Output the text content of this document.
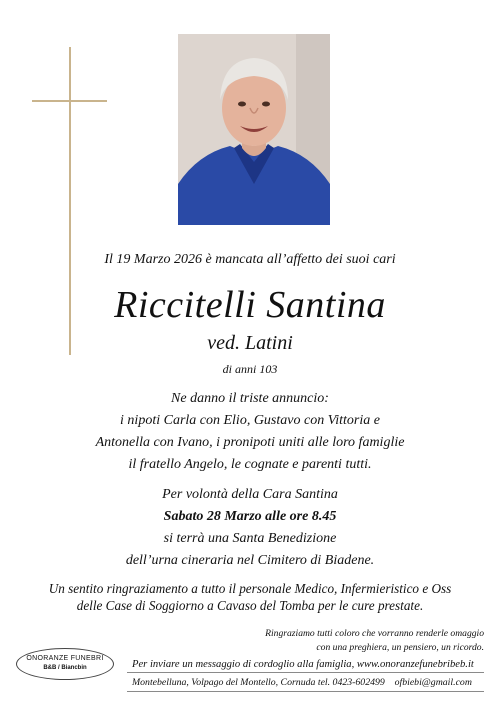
Il 19 Marzo 2026 è mancata all’affetto dei suoi cari
Riccitelli Santina
ved. Latini
di anni 103
Ne danno il triste annuncio:
i nipoti Carla con Elio, Gustavo con Vittoria e
Antonella con Ivano, i pronipoti uniti alle loro famiglie
il fratello Angelo, le cognate e parenti tutti.
Per volontà della Cara Santina
Sabato 28 Marzo alle ore 8.45
si terrà una Santa Benedizione
dell’urna cineraria nel Cimitero di Biadene.
Un sentito ringraziamento a tutto il personale Medico, Infermieristico e Oss
delle Case di Soggiorno a Cavaso del Tomba per le cure prestate.
ONORANZE FUNEBRI
B&B / Biancbin
Ringraziamo tutti coloro che vorranno renderle omaggio
con una preghiera, un pensiero, un ricordo.
Per inviare un messaggio di cordoglio alla famiglia, www.onoranzefunebribeb.it
Montebelluna, Volpago del Montello, Cornuda tel. 0423-602499    ofbiebi@gmail.com
